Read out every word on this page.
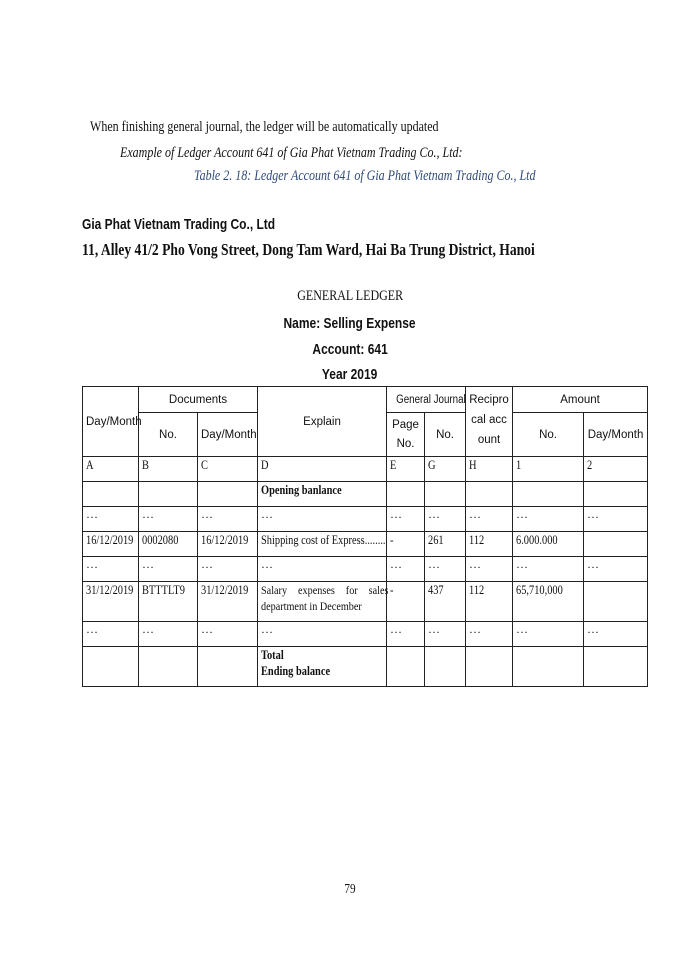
When finishing general journal, the ledger will be automatically updated
Example of Ledger Account 641 of Gia Phat Vietnam Trading Co., Ltd:
Table 2. 18: Ledger Account 641 of Gia Phat Vietnam Trading Co., Ltd
Gia Phat Vietnam Trading Co., Ltd
11, Alley 41/2 Pho Vong Street, Dong Tam Ward, Hai Ba Trung District, Hanoi
GENERAL LEDGER
Name: Selling Expense
Account: 641
Year 2019
Day/Month	Documents		Explain	General Journal		Reciprocal account	Amount	
	No.	Day/Month		Page No.	No.		No.	Day/Month
A	B	C	D	E	G	H	1	2
			Opening banlance					
…	…	…	…	…	…	…	…	…
16/12/2019	0002080	16/12/2019	Shipping cost of Express........	-	261	112	6.000.000	
…	…	…	…	…	…	…	…	…
31/12/2019	BTTTLT9	31/12/2019	Salary expenses for sales
department in December	-	437	112	65,710,000	
…	…	…	…	…	…	…	…	…
			Total
Ending balance					
79
